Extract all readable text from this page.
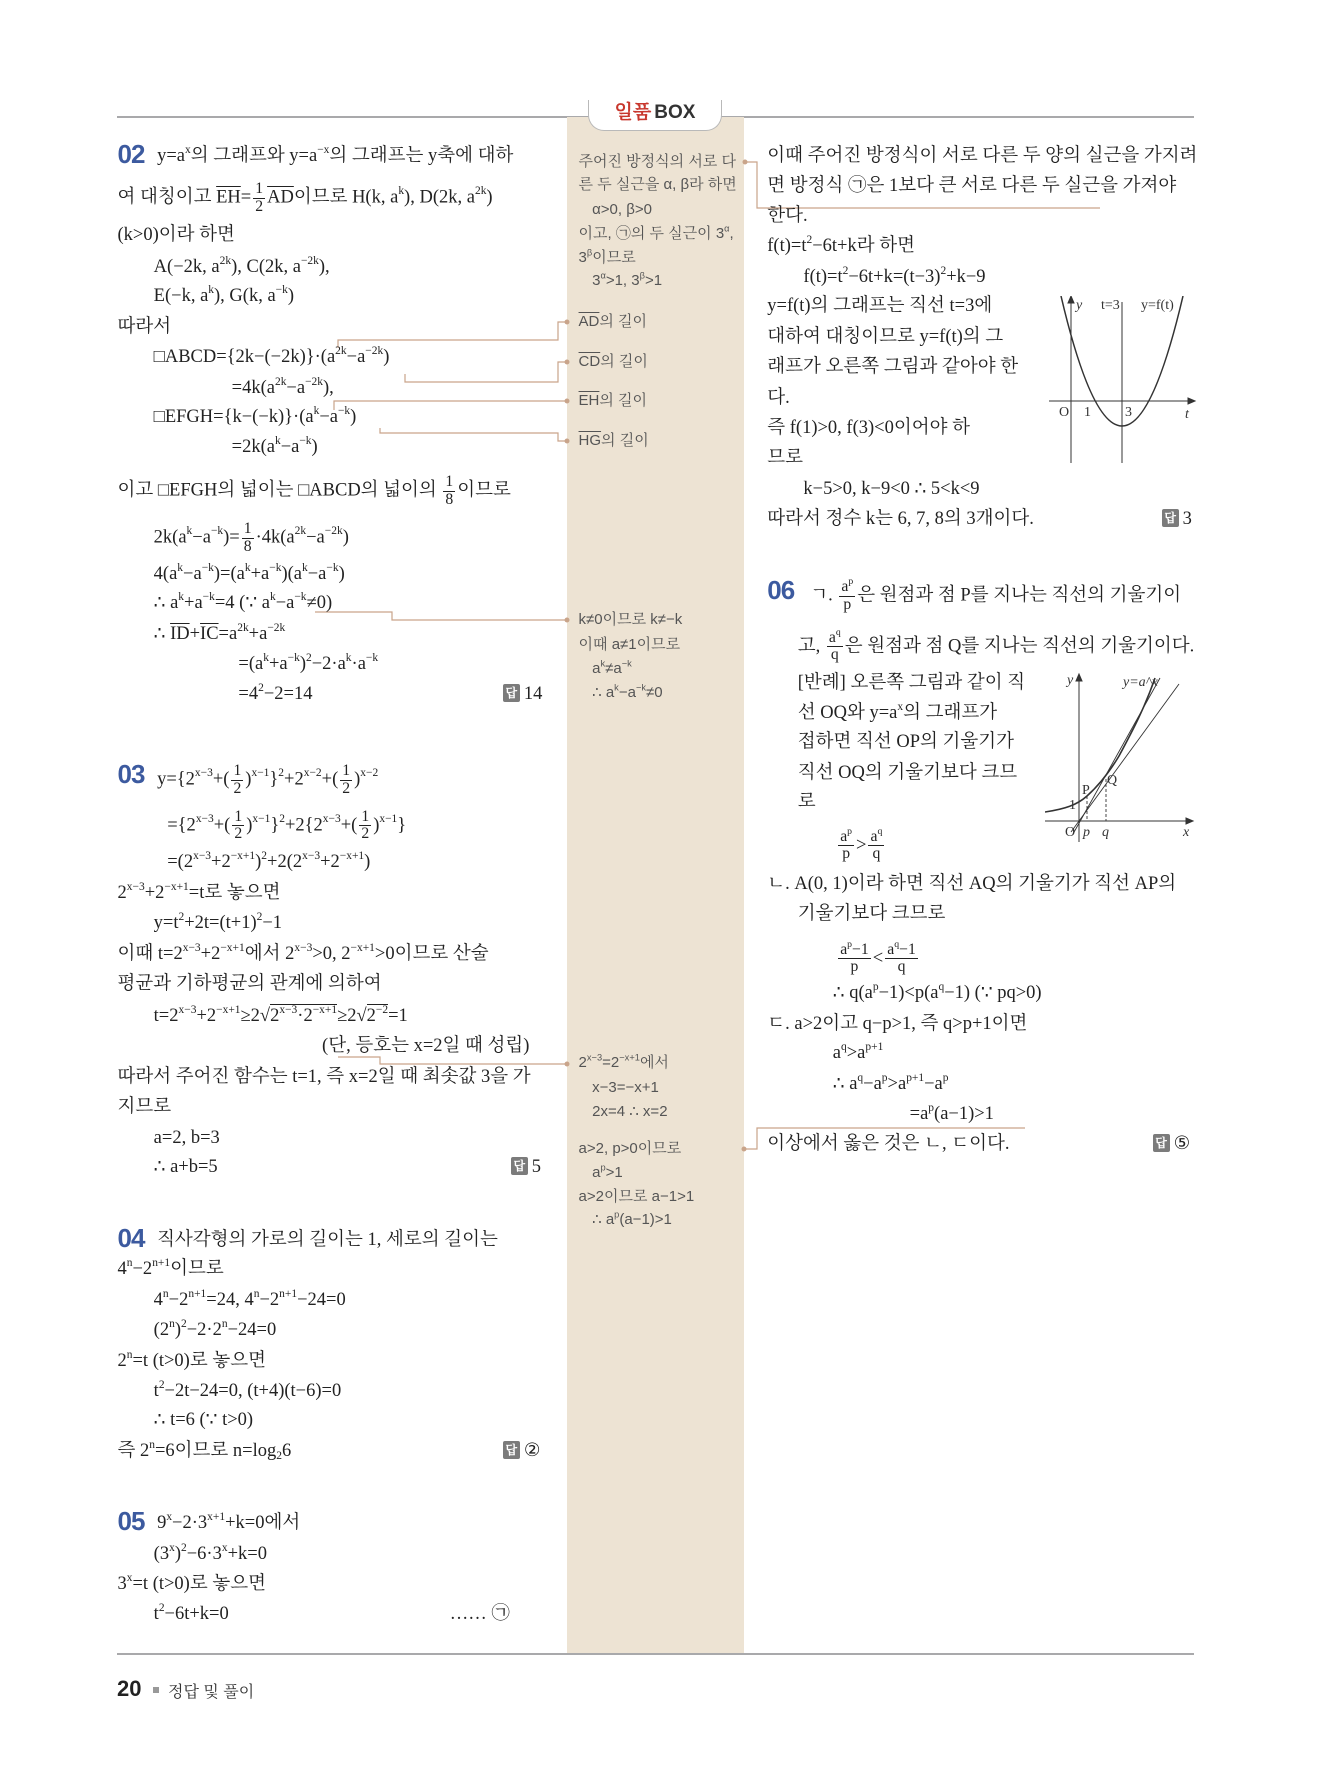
일품 BOX
02 $y=a^x$의 그래프와 $y=a^{-x}$의 그래프는 y축에 대하
여 대칭이고 $\overline{EH}= \frac{1}{2} \overline{AD}$이므로 H(k, $a^k$), D(2k, $a^{2k}$)
(k>0)이라 하면
A(−2k, $a^{2k}$), C(2k, $a^{-2k}$),
E(−k, $a^k$), G(k, $a^{-k}$)
따라서
$□ABCD=\{2k-(-2k)\}\cdot(a^{2k}-a^{-2k})$
$=4k(a^{2k}-a^{-2k})$,
$□EFGH=\{k-(-k)\}\cdot(a^k-a^{-k})$
$=2k(a^k-a^{-k})$
이고 □EFGH의 넓이는 □ABCD의 넓이의 $\frac{1}{8}$ 이므로
$2k(a^k-a^{-k})= \frac{1}{8} \cdot 4k(a^{2k}-a^{-2k})$
$4(a^k-a^{-k})=(a^k+a^{-k})(a^k-a^{-k})$
∴ $a^k+a^{-k}=4$ (∵ $a^k-a^{-k}\ne 0$)
∴ $\overline{ID}+\overline{IC}=a^{2k}+a^{-2k}$
$=(a^k+a^{-k})^2-2\cdot a^k\cdot a^{-k}$
$=4^2-2=14$	답 14
03 $y=\{2^{x-3}+( \frac{1}{2} )^{x-1}\}^2+2^{x-2}+( \frac{1}{2} )^{x-2}$
$=\{2^{x-3}+( \frac{1}{2} )^{x-1}\}^2+2\{2^{x-3}+( \frac{1}{2} )^{x-1}\}$
$=(2^{x-3}+2^{-x+1})^2+2(2^{x-3}+2^{-x+1})$
$2^{x-3}+2^{-x+1}=t$로 놓으면
$y=t^2+2t=(t+1)^2-1$
이때 $t=2^{x-3}+2^{-x+1}$에서 $2^{x-3}>0$, $2^{-x+1}>0$이므로 산술
평균과 기하평균의 관계에 의하여
$t=2^{x-3}+2^{-x+1}\ge 2√2^{x-3}\cdot 2^{-x+1}\ge 2√2^{-2}=1$
(단, 등호는 x=2일 때 성립)
따라서 주어진 함수는 t=1, 즉 x=2일 때 최솟값 3을 가
지므로
a=2, b=3
∴ a+b=5	답 5
04 직사각형의 가로의 길이는 1, 세로의 길이는
$4^n-2^{n+1}$이므로
$4^n-2^{n+1}=24$, $4^n-2^{n+1}-24=0$
$(2^n)^2-2\cdot 2^n-24=0$
$2^n=t$ (t>0)로 놓으면
$t^2-2t-24=0$, (t+4)(t−6)=0
∴ t=6 (∵ t>0)
즉 $2^n=6$이므로 $n=\log_26$	답 ②
05 $9^x-2\cdot 3^{x+1}+k=0$에서
$(3^x)^2-6\cdot 3^x+k=0$
$3^x=t$ (t>0)로 놓으면
$t^2-6t+k=0$	…… ㉠
이때 주어진 방정식이 서로 다른 두 양의 실근을 가지려
면 방정식 ㉠은 1보다 큰 서로 다른 두 실근을 가져야
한다.
$f(t)=t^2-6t+k$라 하면
$f(t)=t^2-6t+k=(t-3)^2+k-9$
y=f(t)의 그래프는 직선 t=3에
대하여 대칭이므로 y=f(t)의 그
래프가 오른쪽 그림과 같아야 한
다.
즉 f(1)>0, f(3)<0이어야 하
므로
k−5>0, k−9<0 ∴ 5<k<9
따라서 정수 k는 6, 7, 8의 3개이다.	답 3
y t=3 y=f(t)
O 1 3	t
06 ㄱ. $\frac{a^p}{p}$ 은 원점과 점 P를 지나는 직선의 기울기이
고, $\frac{a^q}{q}$ 은 원점과 점 Q를 지나는 직선의 기울기이다.
[반례] 오른쪽 그림과 같이 직
선 OQ와 $y=a^x$의 그래프가
접하면 직선 OP의 기울기가
직선 OQ의 기울기보다 크므
로
$\frac{a^p}{p} > \frac{a^q}{q}$
ㄴ. A(0, 1)이라 하면 직선 AQ의 기울기가 직선 AP의
기울기보다 크므로
$\frac{a^p-1}{p} < \frac{a^q-1}{q}$
∴ $q(a^p-1)<p(a^q-1)$ (∵ pq>0)
ㄷ. a>2이고 q−p>1, 즉 q>p+1이면
$a^q>a^{p+1}$
∴ $a^q-a^p>a^{p+1}-a^p$
$=a^p(a-1)>1$
이상에서 옳은 것은 ㄴ, ㄷ이다.	답 ⑤
y	y=a^x
1
P
Q
O p q	x
주어진 방정식의 서로 다
른 두 실근을 α, β라 하면
α>0, β>0
이고, ㉠의 두 실근이 $3^\alpha$,
$3^\beta$이므로
$3^\alpha>1$, $3^\beta>1$
$\overline{AD}$의 길이
$\overline{CD}$의 길이
$\overline{EH}$의 길이
$\overline{HG}$의 길이
k≠0이므로 k≠−k
이때 a≠1이므로
$a^k\ne a^{-k}$
∴ $a^k-a^{-k}\ne 0$
$2^{x-3}=2^{-x+1}$에서
x−3=−x+1
2x=4 ∴ x=2
a>2, p>0이므로
$a^p>1$
a>2이므로 a−1>1
∴ $a^p(a-1)>1$
20 정답 및 풀이
